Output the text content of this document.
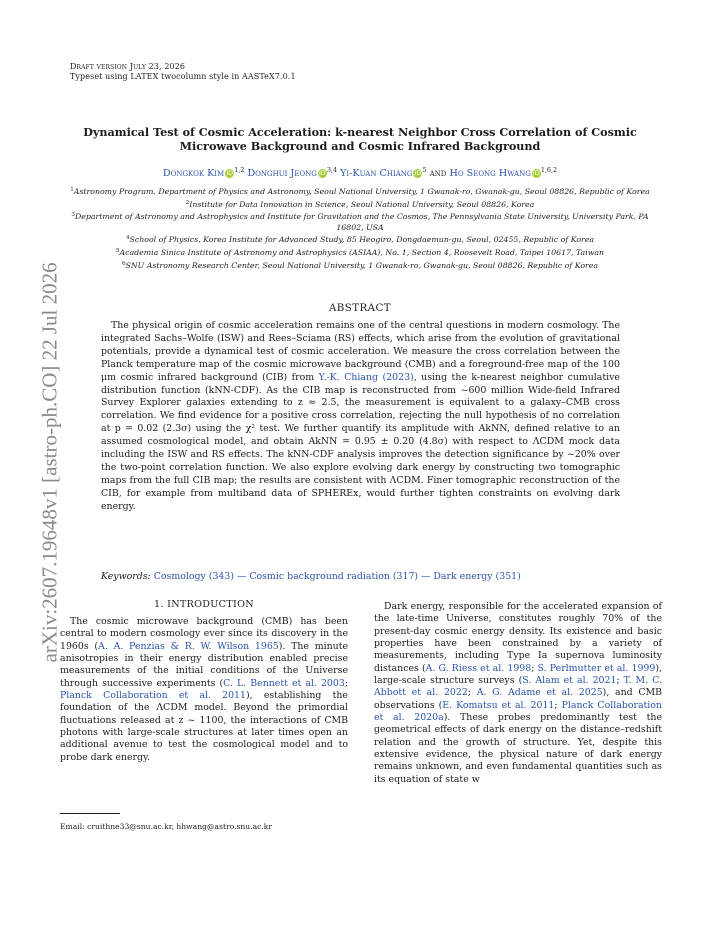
Draft version July 23, 2026
Typeset using LATEX twocolumn style in AASTeX7.0.1
arXiv:2607.19648v1 [astro-ph.CO] 22 Jul 2026
Dynamical Test of Cosmic Acceleration: k-nearest Neighbor Cross Correlation of Cosmic Microwave Background and Cosmic Infrared Background
Dongkok Kim iD$^{1,2}$ Donghui Jeong iD$^{3,4}$ Yi-Kuan Chiang $iD^5$ and Ho Seong Hwang iD$^{1,6,2}$
$^1$Astronomy Program, Department of Physics and Astronomy, Seoul National University, 1 Gwanak-ro, Gwanak-gu, Seoul 08826, Republic of Korea
$^2$Institute for Data Innovation in Science, Seoul National University, Seoul 08826, Korea
$^3$Department of Astronomy and Astrophysics and Institute for Gravitation and the Cosmos, The Pennsylvania State University, University Park, PA 16802, USA
$^4$School of Physics, Korea Institute for Advanced Study, 85 Heogiro, Dongdaemun-gu, Seoul, 02455, Republic of Korea
$^5$Academia Sinica Institute of Astronomy and Astrophysics (ASIAA), No. 1, Section 4, Roosevelt Road, Taipei 10617, Taiwan
$^6$SNU Astronomy Research Center, Seoul National University, 1 Gwanak-ro, Gwanak-gu, Seoul 08826, Republic of Korea
ABSTRACT
The physical origin of cosmic acceleration remains one of the central questions in modern cosmology. The integrated Sachs–Wolfe (ISW) and Rees–Sciama (RS) effects, which arise from the evolution of gravitational potentials, provide a dynamical test of cosmic acceleration. We measure the cross correlation between the Planck temperature map of the cosmic microwave background (CMB) and a foreground-free map of the 100 μm cosmic infrared background (CIB) from Y.-K. Chiang (2023), using the k-nearest neighbor cumulative distribution function (kNN-CDF). As the CIB map is reconstructed from ~600 million Wide-field Infrared Survey Explorer galaxies extending to z ≈ 2.5, the measurement is equivalent to a galaxy–CMB cross correlation. We find evidence for a positive cross correlation, rejecting the null hypothesis of no correlation at p = 0.02 (2.3σ) using the χ² test. We further quantify its amplitude with AkNN, defined relative to an assumed cosmological model, and obtain AkNN = 0.95 ± 0.20 (4.8σ) with respect to ΛCDM mock data including the ISW and RS effects. The kNN-CDF analysis improves the detection significance by ~20% over the two-point correlation function. We also explore evolving dark energy by constructing two tomographic maps from the full CIB map; the results are consistent with ΛCDM. Finer tomographic reconstruction of the CIB, for example from multiband data of SPHEREx, would further tighten constraints on evolving dark energy.
Keywords: Cosmology (343) — Cosmic background radiation (317) — Dark energy (351)
1. INTRODUCTION
The cosmic microwave background (CMB) has been central to modern cosmology ever since its discovery in the 1960s (A. A. Penzias & R. W. Wilson 1965). The minute anisotropies in their energy distribution enabled precise measurements of the initial conditions of the Universe through successive experiments (C. L. Bennett et al. 2003; Planck Collaboration et al. 2011), establishing the foundation of the ΛCDM model. Beyond the primordial fluctuations released at z ~ 1100, the interactions of CMB photons with large-scale structures at later times open an additional avenue to test the cosmological model and to probe dark energy.
Dark energy, responsible for the accelerated expansion of the late-time Universe, constitutes roughly 70% of the present-day cosmic energy density. Its existence and basic properties have been constrained by a variety of measurements, including Type Ia supernova luminosity distances (A. G. Riess et al. 1998; S. Perlmutter et al. 1999), large-scale structure surveys (S. Alam et al. 2021; T. M. C. Abbott et al. 2022; A. G. Adame et al. 2025), and CMB observations (E. Komatsu et al. 2011; Planck Collaboration et al. 2020a). These probes predominantly test the geometrical effects of dark energy on the distance–redshift relation and the growth of structure. Yet, despite this extensive evidence, the physical nature of dark energy remains unknown, and even fundamental quantities such as its equation of state w
Email: cruithne33@snu.ac.kr, hhwang@astro.snu.ac.kr
